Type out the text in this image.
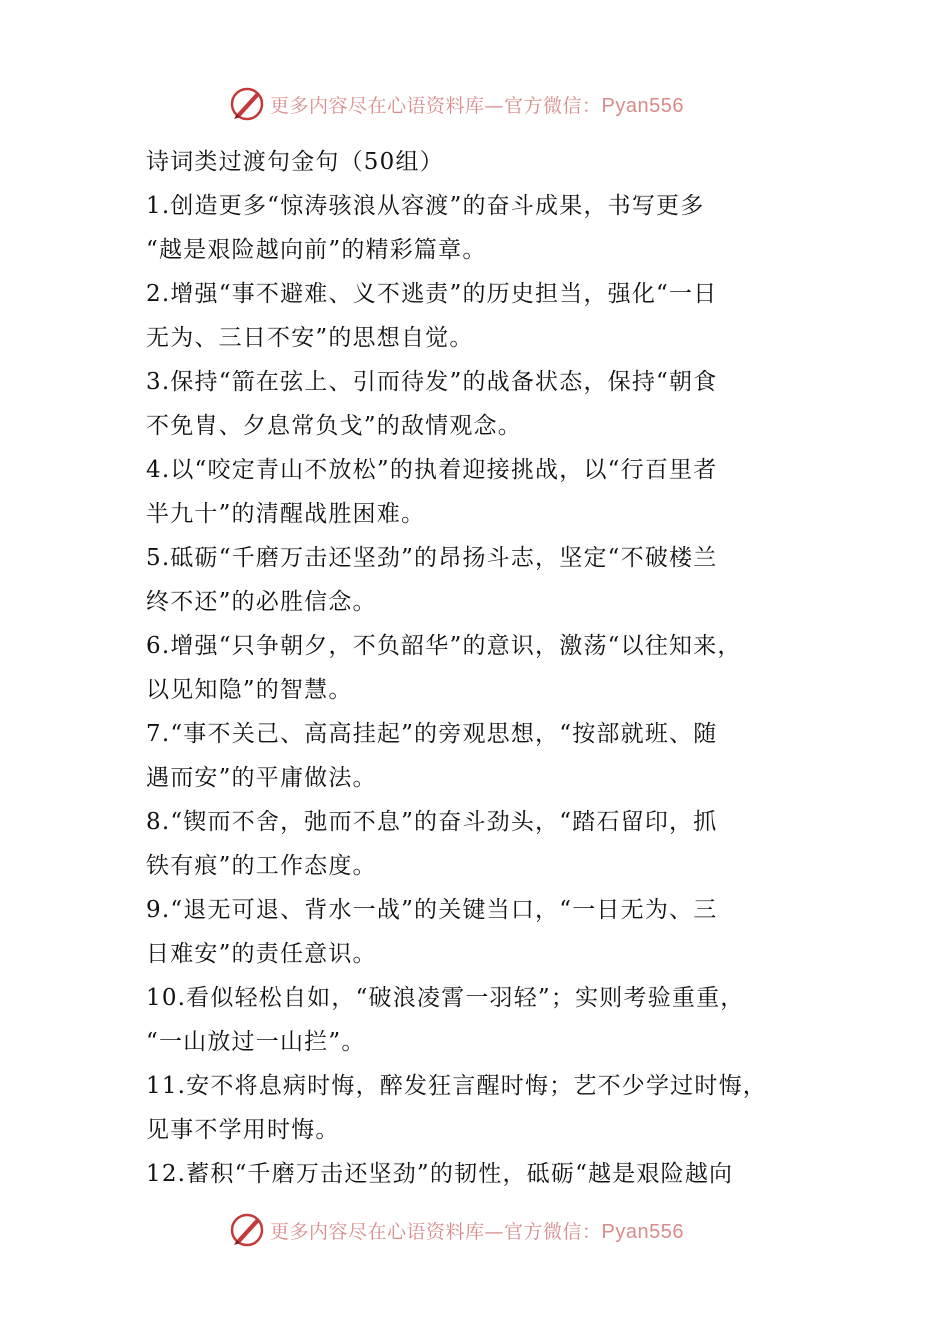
更多内容尽在心语资料库—官方微信：Pyan556
诗词类过渡句金句（50组）
1.创造更多“惊涛骇浪从容渡”的奋斗成果，书写更多
“越是艰险越向前”的精彩篇章。
2.增强“事不避难、义不逃责”的历史担当，强化“一日
无为、三日不安”的思想自觉。
3.保持“箭在弦上、引而待发”的战备状态，保持“朝食
不免胄、夕息常负戈”的敌情观念。
4.以“咬定青山不放松”的执着迎接挑战，以“行百里者
半九十”的清醒战胜困难。
5.砥砺“千磨万击还坚劲”的昂扬斗志，坚定“不破楼兰
终不还”的必胜信念。
6.增强“只争朝夕，不负韶华”的意识，激荡“以往知来，
以见知隐”的智慧。
7.“事不关己、高高挂起”的旁观思想，“按部就班、随
遇而安”的平庸做法。
8.“锲而不舍，弛而不息”的奋斗劲头，“踏石留印，抓
铁有痕”的工作态度。
9.“退无可退、背水一战”的关键当口，“一日无为、三
日难安”的责任意识。
10.看似轻松自如，“破浪凌霄一羽轻”；实则考验重重，
“一山放过一山拦”。
11.安不将息病时悔，醉发狂言醒时悔；艺不少学过时悔，
见事不学用时悔。
12.蓄积“千磨万击还坚劲”的韧性，砥砺“越是艰险越向
更多内容尽在心语资料库—官方微信：Pyan556
